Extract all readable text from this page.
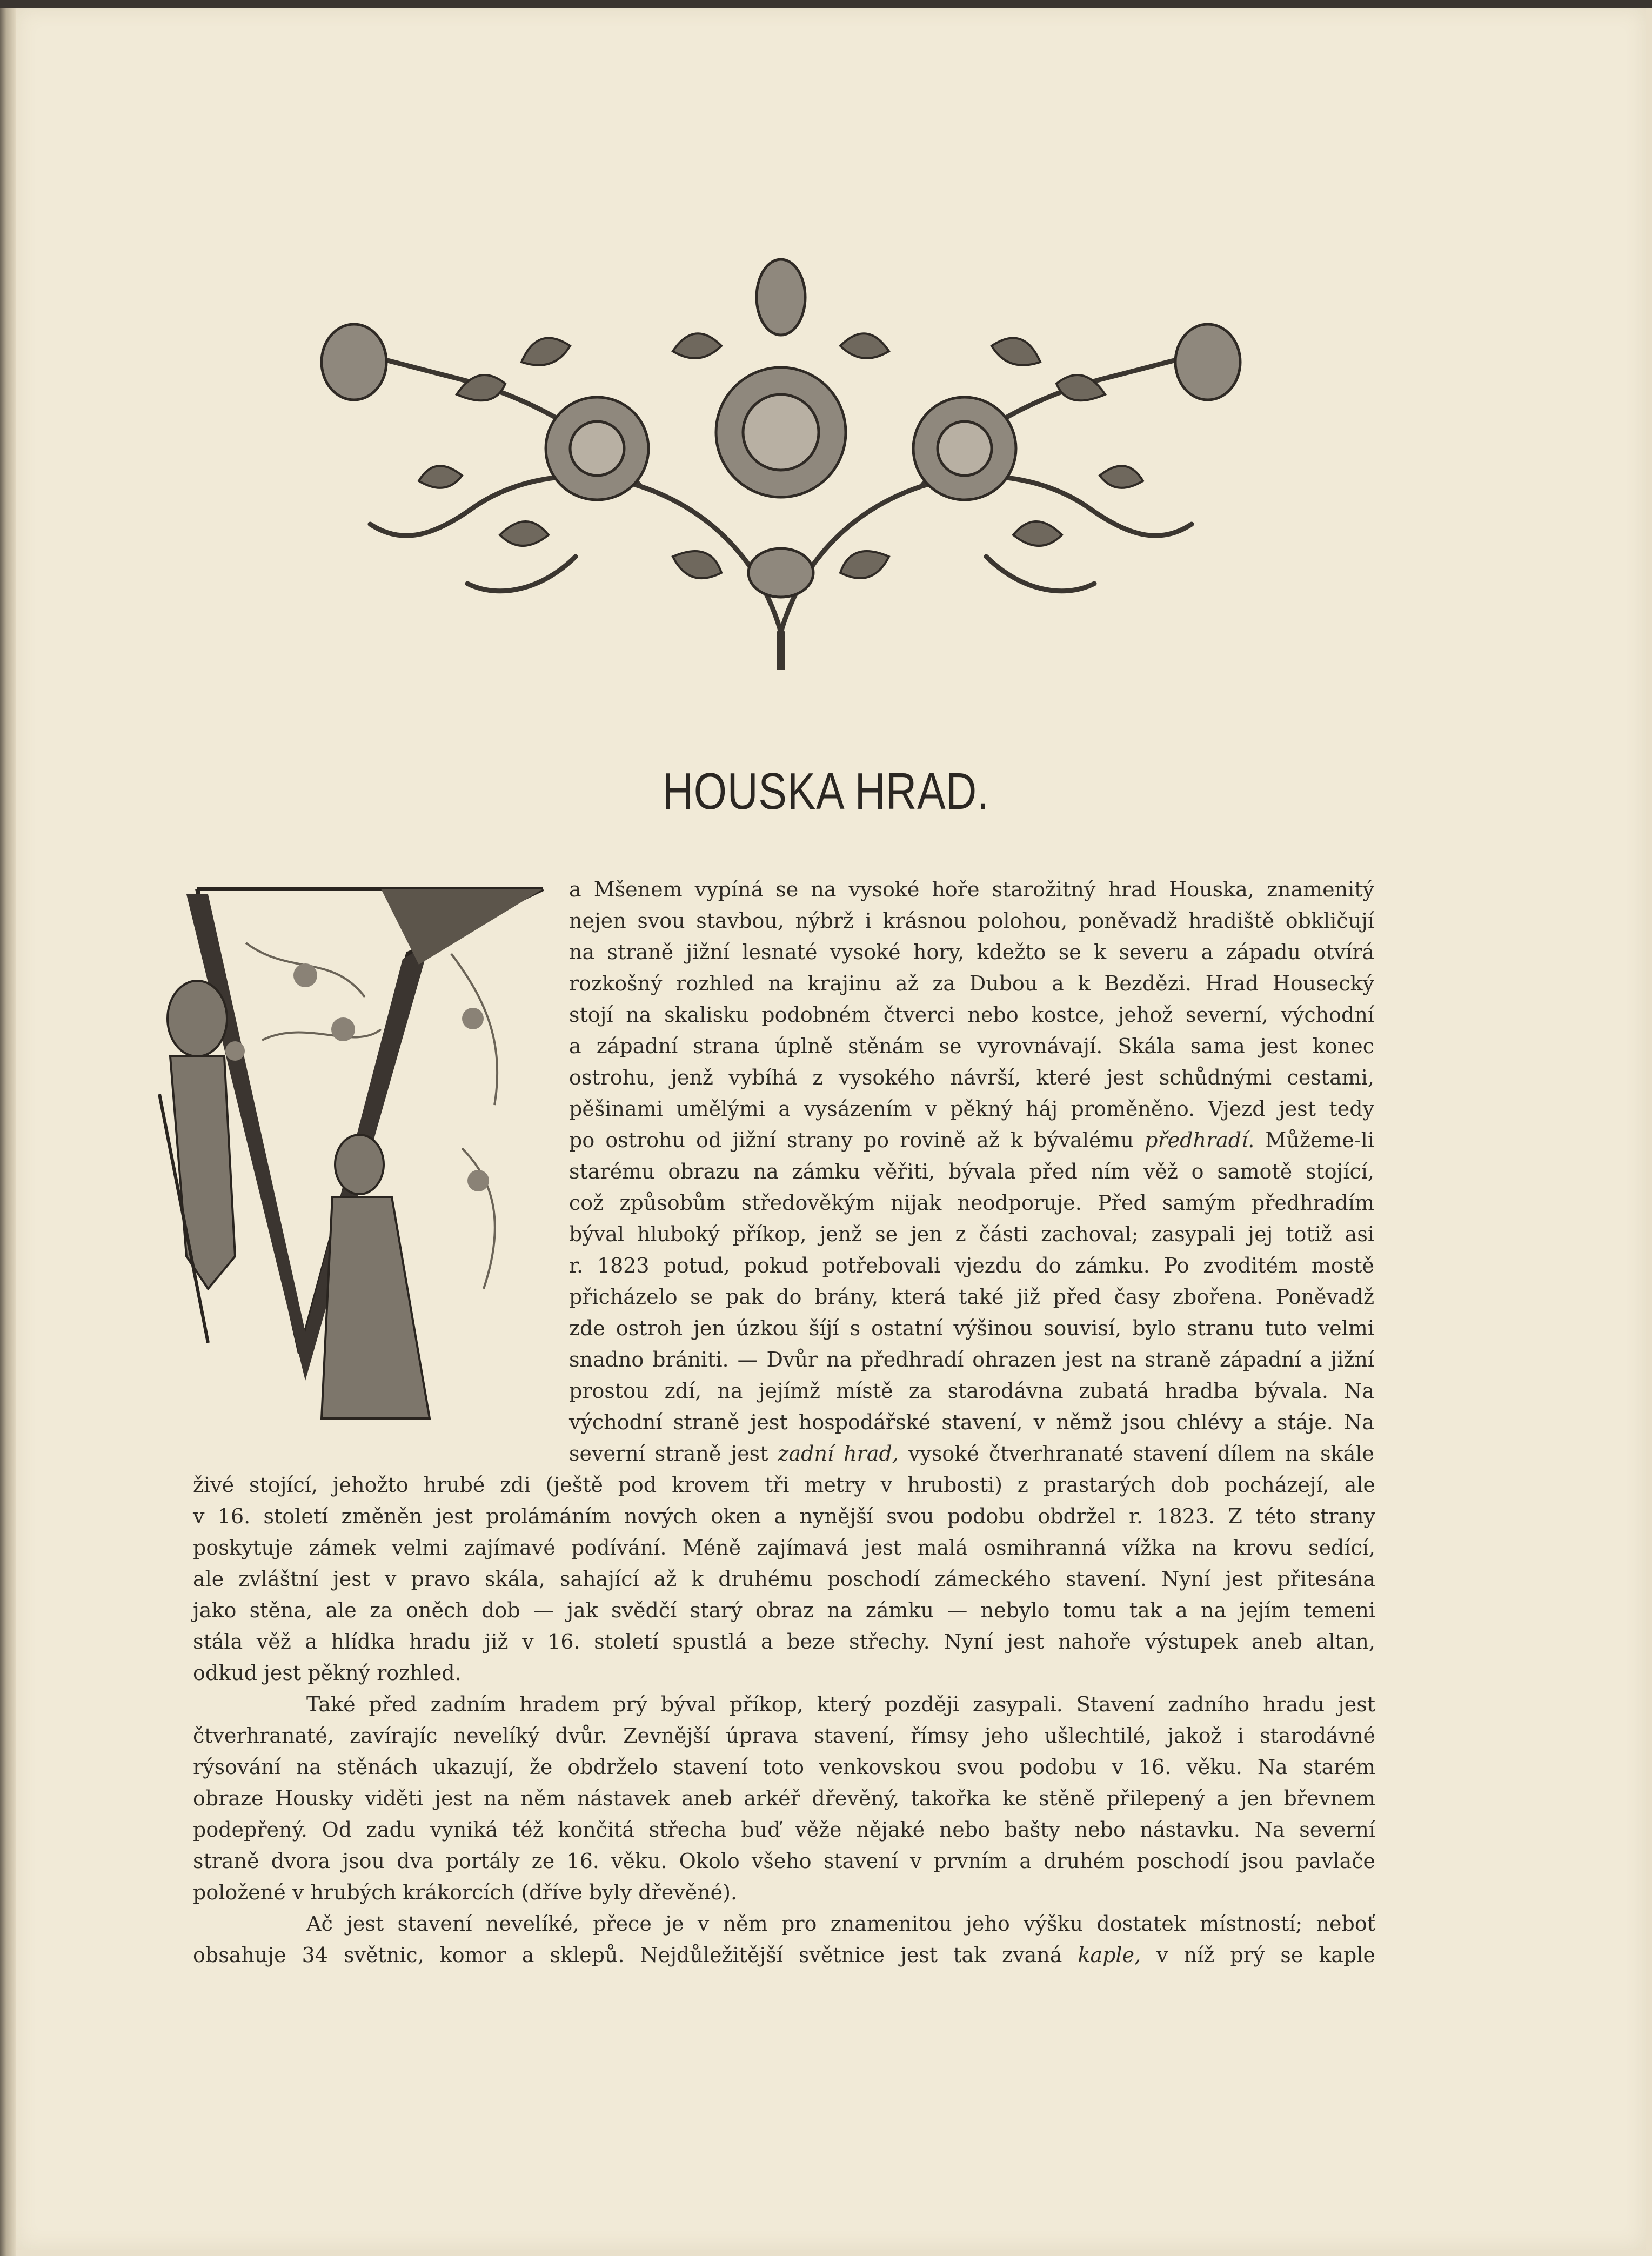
HOUSKA HRAD.
a Mšenem vypíná se na vysoké hoře starožitný hrad Houska, znamenitý
nejen svou stavbou, nýbrž i krásnou polohou, poněvadž hradiště obkličují
na straně jižní lesnaté vysoké hory, kdežto se k severu a západu otvírá
rozkošný rozhled na krajinu až za Dubou a k Bezdězi. Hrad Housecký
stojí na skalisku podobném čtverci nebo kostce, jehož severní, východní
a západní strana úplně stěnám se vyrovnávají. Skála sama jest konec
ostrohu, jenž vybíhá z vysokého návrší, které jest schůdnými cestami,
pěšinami umělými a vysázením v pěkný háj proměněno. Vjezd jest tedy
po ostrohu od jižní strany po rovině až k bývalému předhradí. Můžeme-li
starému obrazu na zámku věřiti, bývala před ním věž o samotě stojící,
což způsobům středověkým nijak neodporuje. Před samým předhradím
býval hluboký příkop, jenž se jen z části zachoval; zasypali jej totiž asi
r. 1823 potud, pokud potřebovali vjezdu do zámku. Po zvoditém mostě
přicházelo se pak do brány, která také již před časy zbořena. Poněvadž
zde ostroh jen úzkou šíjí s ostatní výšinou souvisí, bylo stranu tuto velmi
snadno brániti. — Dvůr na předhradí ohrazen jest na straně západní a jižní
prostou zdí, na jejímž místě za starodávna zubatá hradba bývala. Na
východní straně jest hospodářské stavení, v němž jsou chlévy a stáje. Na
severní straně jest zadní hrad, vysoké čtverhranaté stavení dílem na skále
živé stojící, jehožto hrubé zdi (ještě pod krovem tři metry v hrubosti) z prastarých dob pocházejí, ale
v 16. století změněn jest prolámáním nových oken a nynější svou podobu obdržel r. 1823. Z této strany
poskytuje zámek velmi zajímavé podívání. Méně zajímavá jest malá osmihranná vížka na krovu sedící,
ale zvláštní jest v pravo skála, sahající až k druhému poschodí zámeckého stavení. Nyní jest přitesána
jako stěna, ale za oněch dob — jak svědčí starý obraz na zámku — nebylo tomu tak a na jejím temeni
stála věž a hlídka hradu již v 16. století spustlá a beze střechy. Nyní jest nahoře výstupek aneb altan,
odkud jest pěkný rozhled.
Také před zadním hradem prý býval příkop, který později zasypali. Stavení zadního hradu jest
čtverhranaté, zavírajíc nevelíký dvůr. Zevnější úprava stavení, římsy jeho ušlechtilé, jakož i starodávné
rýsování na stěnách ukazují, že obdrželo stavení toto venkovskou svou podobu v 16. věku. Na starém
obraze Housky viděti jest na něm nástavek aneb arkéř dřevěný, takořka ke stěně přilepený a jen břevnem
podepřený. Od zadu vyniká též končitá střecha buď věže nějaké nebo bašty nebo nástavku. Na severní
straně dvora jsou dva portály ze 16. věku. Okolo všeho stavení v prvním a druhém poschodí jsou pavlače
položené v hrubých krákorcích (dříve byly dřevěné).
Ač jest stavení nevelíké, přece je v něm pro znamenitou jeho výšku dostatek místností; neboť
obsahuje 34 světnic, komor a sklepů. Nejdůležitější světnice jest tak zvaná kaple, v níž prý se kaple
